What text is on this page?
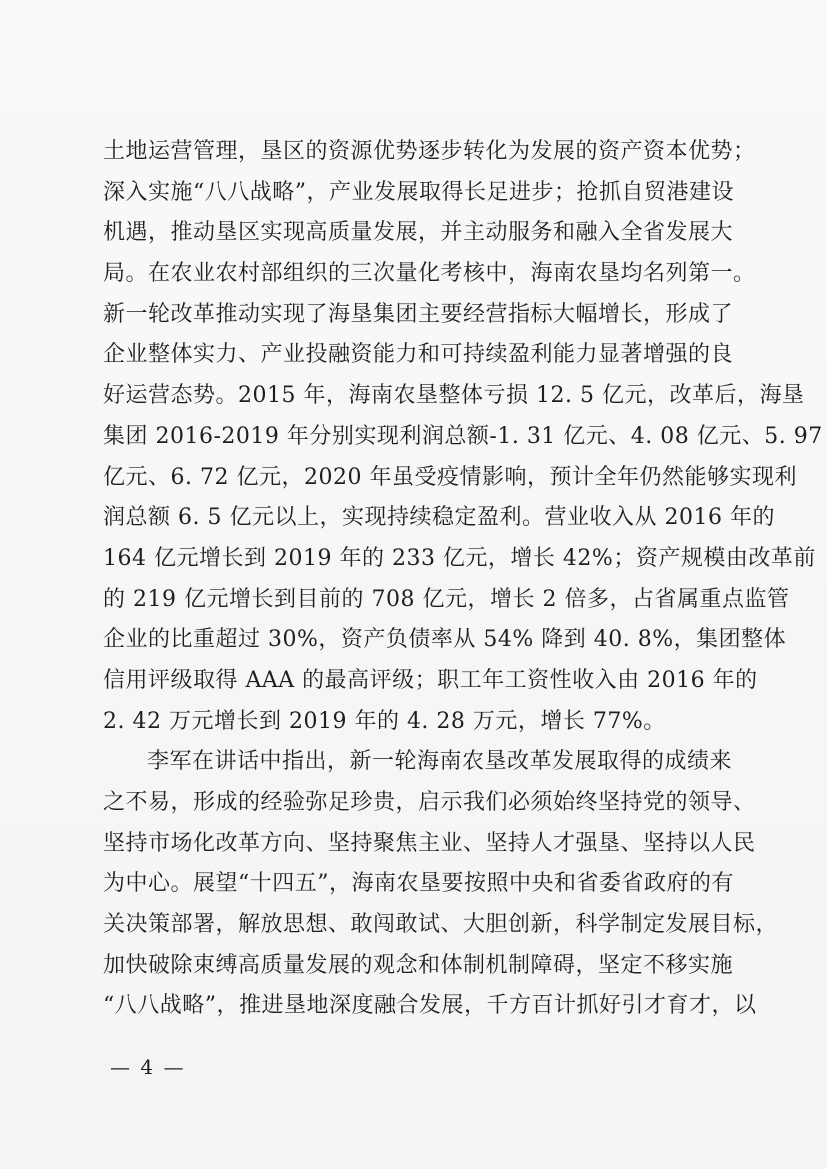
土地运营管理，垦区的资源优势逐步转化为发展的资产资本优势；
深入实施“八八战略”，产业发展取得长足进步；抢抓自贸港建设
机遇，推动垦区实现高质量发展，并主动服务和融入全省发展大
局。在农业农村部组织的三次量化考核中，海南农垦均名列第一。
新一轮改革推动实现了海垦集团主要经营指标大幅增长，形成了
企业整体实力、产业投融资能力和可持续盈利能力显著增强的良
好运营态势。2015 年，海南农垦整体亏损 12. 5 亿元，改革后，海垦
集团 2016-2019 年分别实现利润总额-1. 31 亿元、4. 08 亿元、5. 97
亿元、6. 72 亿元，2020 年虽受疫情影响，预计全年仍然能够实现利
润总额 6. 5 亿元以上，实现持续稳定盈利。营业收入从 2016 年的
164 亿元增长到 2019 年的 233 亿元，增长 42%；资产规模由改革前
的 219 亿元增长到目前的 708 亿元，增长 2 倍多，占省属重点监管
企业的比重超过 30%，资产负债率从 54% 降到 40. 8%，集团整体
信用评级取得 AAA 的最高评级；职工年工资性收入由 2016 年的
2. 42 万元增长到 2019 年的 4. 28 万元，增长 77%。
李军在讲话中指出，新一轮海南农垦改革发展取得的成绩来
之不易，形成的经验弥足珍贵，启示我们必须始终坚持党的领导、
坚持市场化改革方向、坚持聚焦主业、坚持人才强垦、坚持以人民
为中心。展望“十四五”，海南农垦要按照中央和省委省政府的有
关决策部署，解放思想、敢闯敢试、大胆创新，科学制定发展目标，
加快破除束缚高质量发展的观念和体制机制障碍，坚定不移实施
“八八战略”，推进垦地深度融合发展，千方百计抓好引才育才，以
— 4 —
